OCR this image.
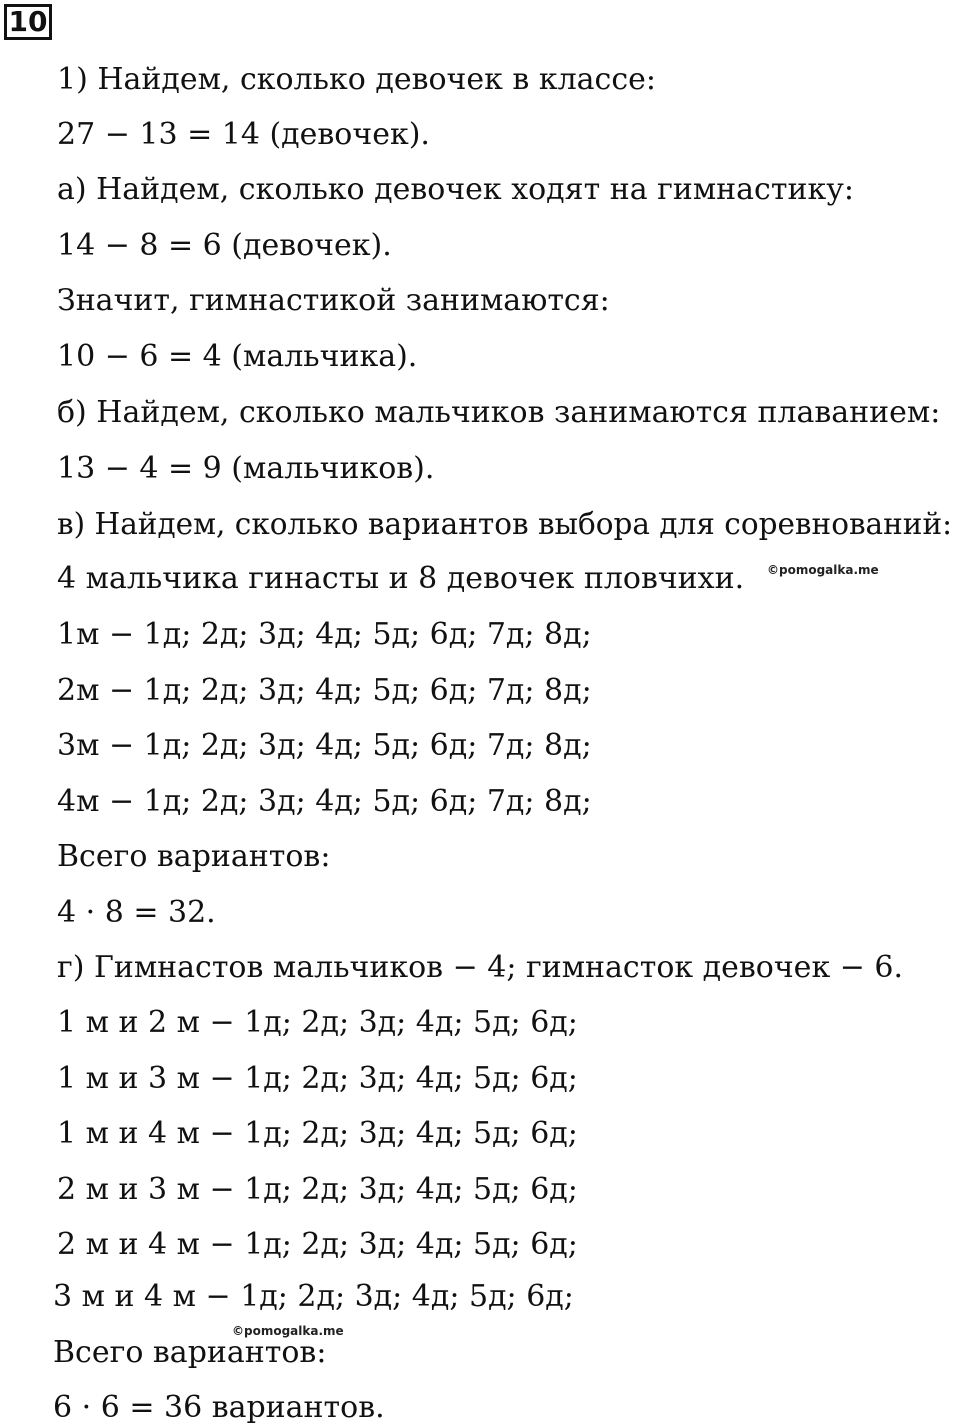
10
1) Найдем, сколько девочек в классе:
27 − 13 = 14 (девочек).
а) Найдем, сколько девочек ходят на гимнастику:
14 − 8 = 6 (девочек).
Значит, гимнастикой занимаются:
10 − 6 = 4 (мальчика).
б) Найдем, сколько мальчиков занимаются плаванием:
13 − 4 = 9 (мальчиков).
в) Найдем, сколько вариантов выбора для соревнований:
4 мальчика гинасты и 8 девочек пловчихи.
1м − 1д; 2д; 3д; 4д; 5д; 6д; 7д; 8д;
2м − 1д; 2д; 3д; 4д; 5д; 6д; 7д; 8д;
3м − 1д; 2д; 3д; 4д; 5д; 6д; 7д; 8д;
4м − 1д; 2д; 3д; 4д; 5д; 6д; 7д; 8д;
Всего вариантов:
4 · 8 = 32.
г) Гимнастов мальчиков − 4; гимнасток девочек − 6.
1 м и 2 м − 1д; 2д; 3д; 4д; 5д; 6д;
1 м и 3 м − 1д; 2д; 3д; 4д; 5д; 6д;
1 м и 4 м − 1д; 2д; 3д; 4д; 5д; 6д;
2 м и 3 м − 1д; 2д; 3д; 4д; 5д; 6д;
2 м и 4 м − 1д; 2д; 3д; 4д; 5д; 6д;
3 м и 4 м − 1д; 2д; 3д; 4д; 5д; 6д;
Всего вариантов:
6 · 6 = 36 вариантов.
©pomogalka.me
©pomogalka.me
